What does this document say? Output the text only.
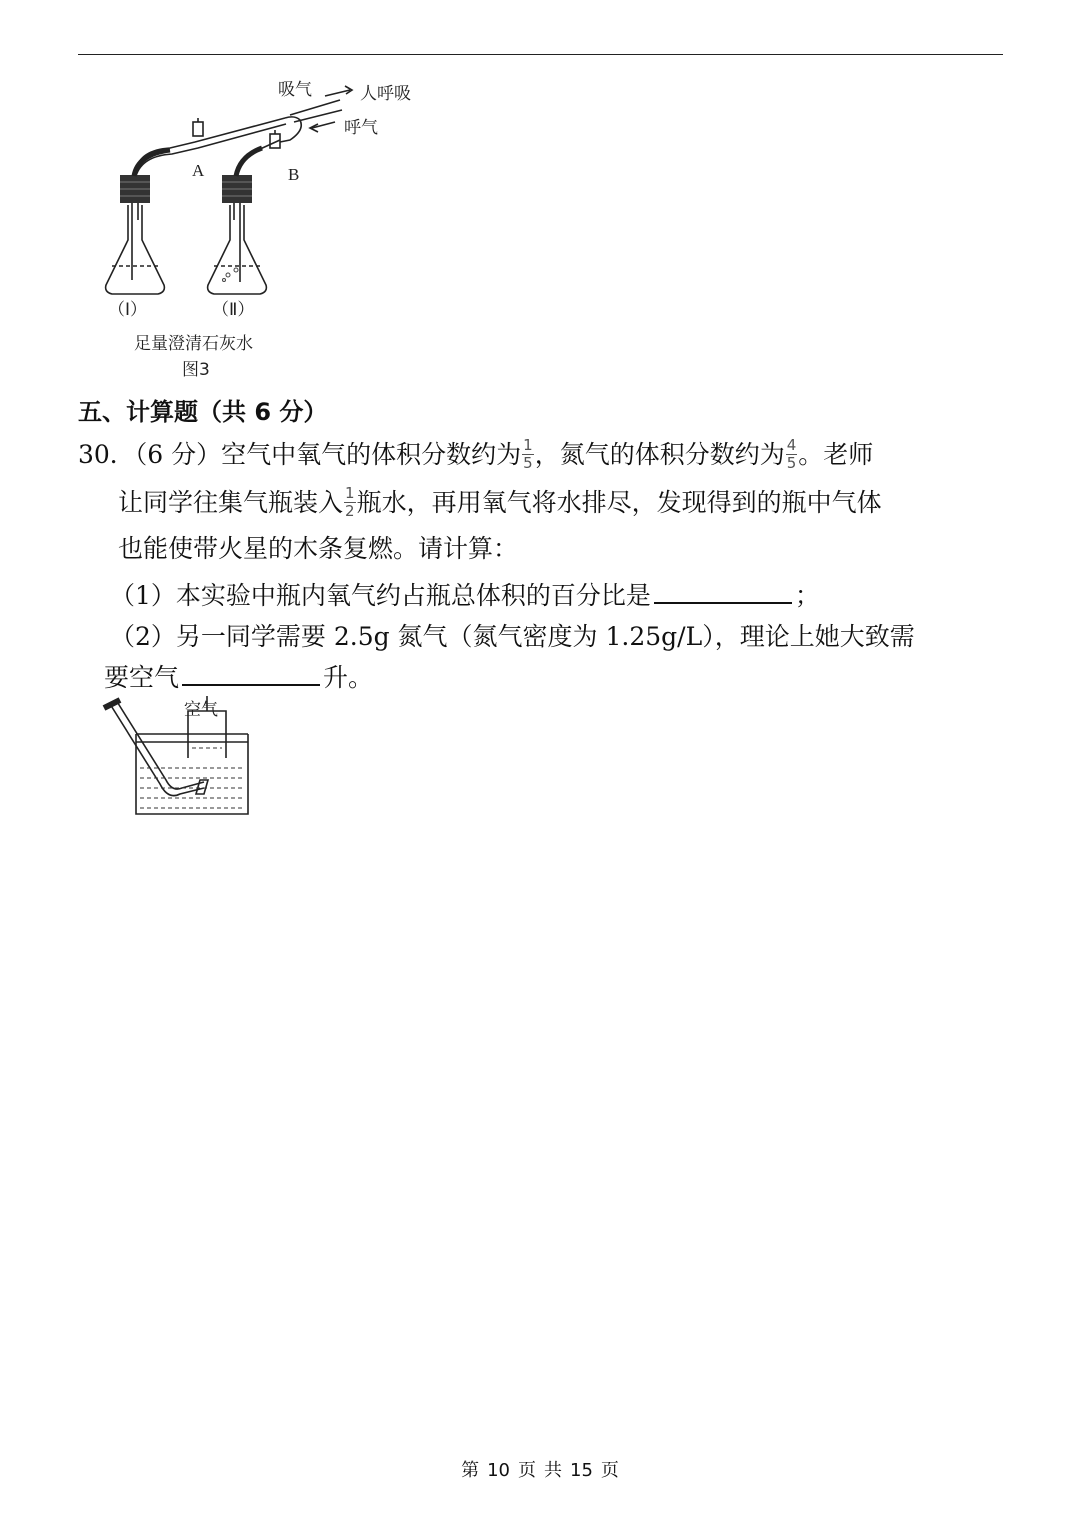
吸气	人呼吸
呼气
A	B
（Ⅰ）	（Ⅱ）
足量澄清石灰水
图3
五、计算题（共 6 分）
30．（6 分）空气中氧气的体积分数约为 $\frac{1}{5}$ ，氮气的体积分数约为 $\frac{4}{5}$ 。老师
让同学往集气瓶装入 $\frac{1}{2}$ 瓶水，再用氧气将水排尽，发现得到的瓶中气体
也能使带火星的木条复燃。请计算：
（1）本实验中瓶内氧气约占瓶总体积的百分比是	；
（2）另一同学需要 2.5g 氮气（氮气密度为 1.25g/L），理论上她大致需
要空气	升。
空气
第 10 页 共 15 页
